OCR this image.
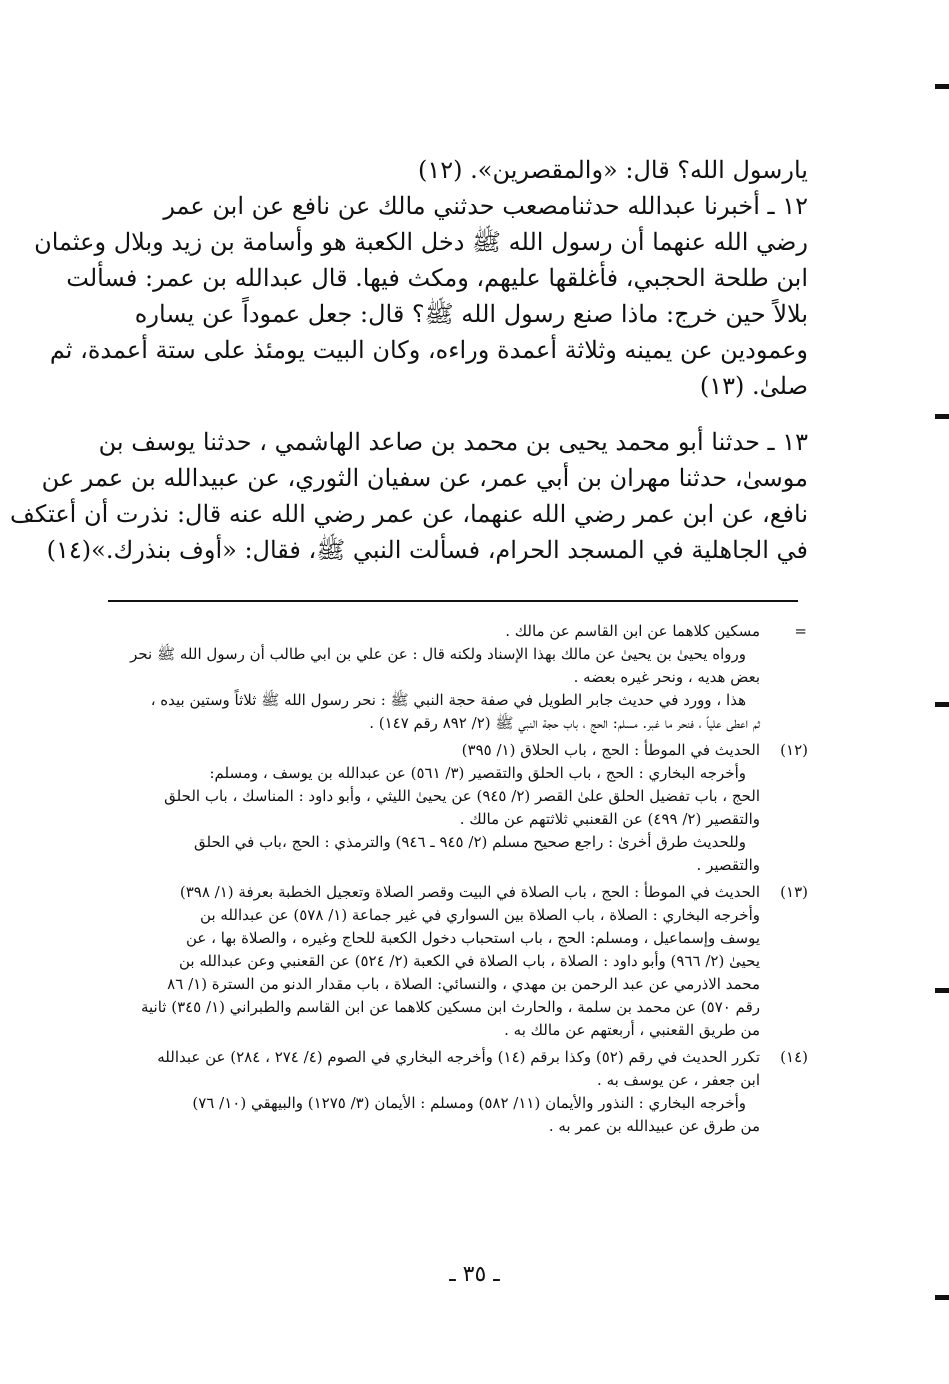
يارسول الله؟ قال: «والمقصرين». (١٢)
١٢ ـ أخبرنا عبدالله حدثنامصعب حدثني مالك عن نافع عن ابن عمر
رضي الله عنهما أن رسول الله ﷺ دخل الكعبة هو وأسامة بن زيد وبلال وعثمان
ابن طلحة الحجبي، فأغلقها عليهم، ومكث فيها. قال عبدالله بن عمر: فسألت
بلالاً حين خرج: ماذا صنع رسول الله ﷺ؟ قال: جعل عموداً عن يساره
وعمودين عن يمينه وثلاثة أعمدة وراءه، وكان البيت يومئذ على ستة أعمدة، ثم
صلىٰ. (١٣)
١٣ ـ حدثنا أبو محمد يحيى بن محمد بن صاعد الهاشمي ، حدثنا يوسف بن
موسىٰ، حدثنا مهران بن أبي عمر، عن سفيان الثوري، عن عبيدالله بن عمر عن
نافع، عن ابن عمر رضي الله عنهما، عن عمر رضي الله عنه قال: نذرت أن أعتكف
في الجاهلية في المسجد الحرام، فسألت النبي ﷺ، فقال: «أوف بنذرك.»(١٤)
=
مسكين كلاهما عن ابن القاسم عن مالك .
ورواه يحيىٰ بن يحيىٰ عن مالك بهذا الإسناد ولكنه قال : عن علي بن ابي طالب أن رسول الله ﷺ نحر
بعض هديه ، ونحر غيره بعضه .
هذا ، وورد في حديث جابر الطويل في صفة حجة النبي ﷺ : نحر رسول الله ﷺ ثلاثاً وستين بيده ،
ثم اعطى علياً ، فنحر ما غبر. مسلم: الحج ، باب حجة النبي ﷺ (٢/ ٨٩٢ رقم ١٤٧) .
(١٢)
الحديث في الموطأ : الحج ، باب الحلاق (١/ ٣٩٥)
وأخرجه البخاري : الحج ، باب الحلق والتقصير (٣/ ٥٦١) عن عبدالله بن يوسف ، ومسلم:
الحج ، باب تفضيل الحلق علىٰ القصر (٢/ ٩٤٥) عن يحيىٰ الليثي ، وأبو داود : المناسك ، باب الحلق
والتقصير (٢/ ٤٩٩) عن القعنبي ثلاثتهم عن مالك .
وللحديث طرق أخرىٰ : راجع صحيح مسلم (٢/ ٩٤٥ ـ ٩٤٦) والترمذي : الحج ،باب في الحلق
والتقصير .
(١٣)
الحديث في الموطأ : الحج ، باب الصلاة في البيت وقصر الصلاة وتعجيل الخطبة بعرفة (١/ ٣٩٨)
وأخرجه البخاري : الصلاة ، باب الصلاة بين السواري في غير جماعة (١/ ٥٧٨) عن عبدالله بن
يوسف وإسماعيل ، ومسلم: الحج ، باب استحباب دخول الكعبة للحاج وغيره ، والصلاة بها ، عن
يحيىٰ (٢/ ٩٦٦) وأبو داود : الصلاة ، باب الصلاة في الكعبة (٢/ ٥٢٤) عن القعنبي وعن عبدالله بن
محمد الاذرمي عن عبد الرحمن بن مهدي ، والنسائي: الصلاة ، باب مقدار الدنو من السترة (١/ ٨٦
رقم ٥٧٠) عن محمد بن سلمة ، والحارث ابن مسكين كلاهما عن ابن القاسم والطبراني (١/ ٣٤٥) ثانية
من طريق القعنبي ، أربعتهم عن مالك به .
(١٤)
تكرر الحديث في رقم (٥٢) وكذا برقم (١٤) وأخرجه البخاري في الصوم (٤/ ٢٧٤ ، ٢٨٤) عن عبدالله
ابن جعفر ، عن يوسف به .
وأخرجه البخاري : النذور والأيمان (١١/ ٥٨٢) ومسلم : الأيمان (٣/ ١٢٧٥) والبيهقي (١٠/ ٧٦)
من طرق عن عبيدالله بن عمر به .
ـ ٣٥ ـ
